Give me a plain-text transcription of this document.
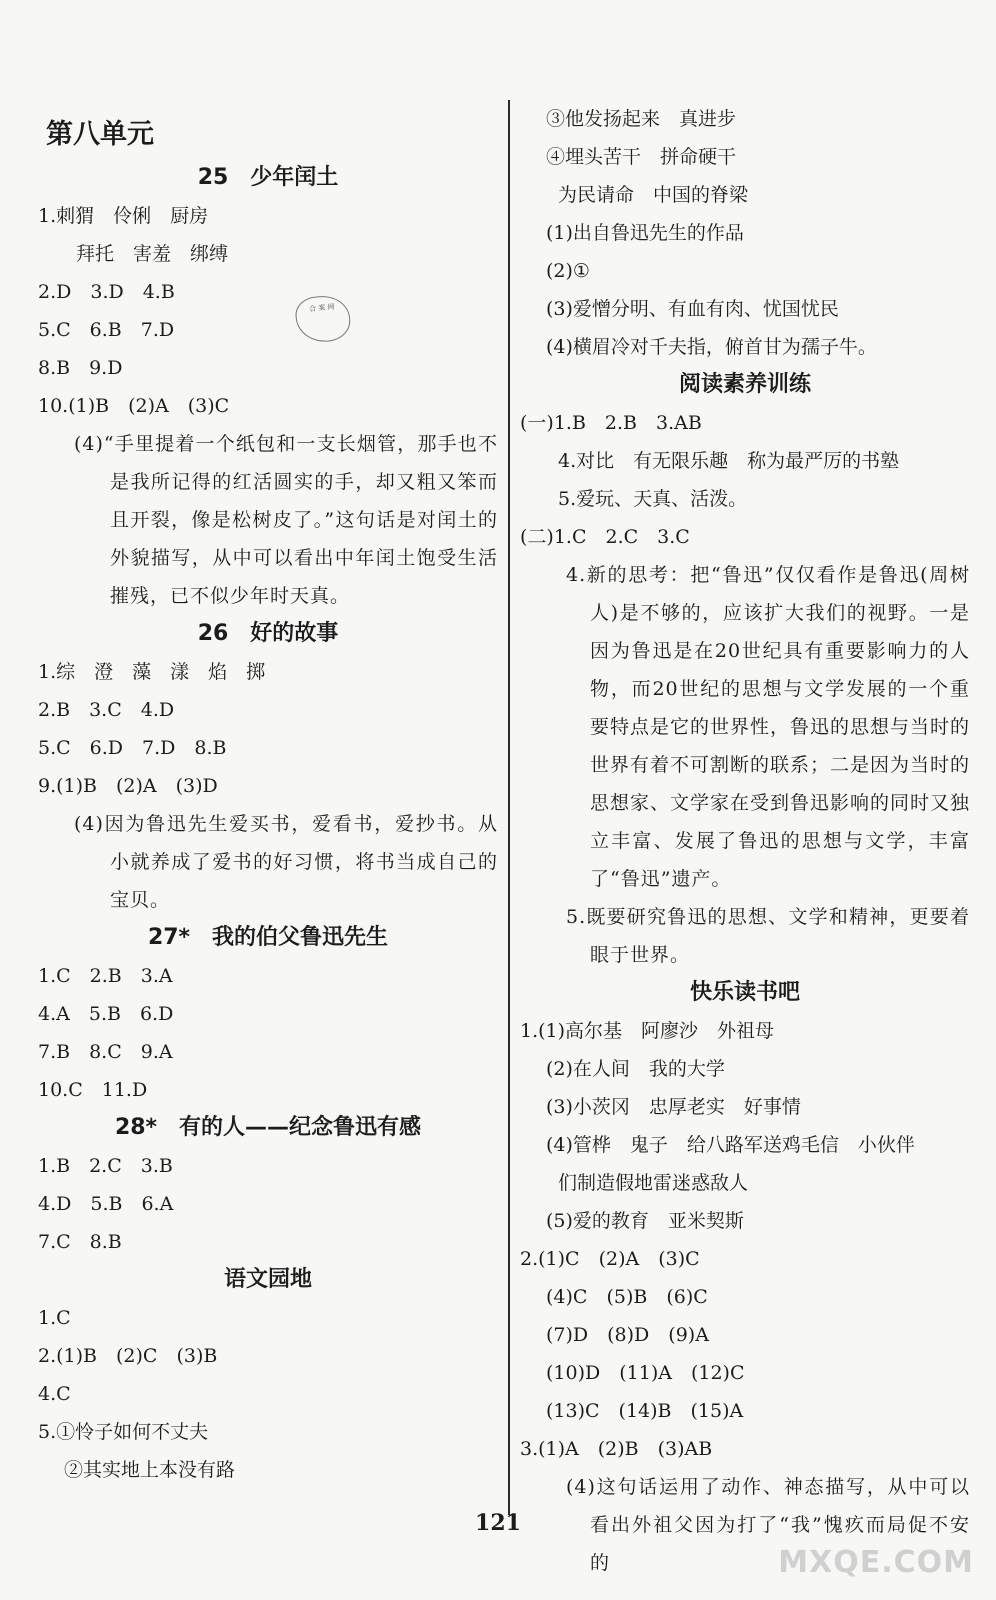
第八单元
25　少年闰土
1.刺猬　伶俐　厨房
拜托　害羞　绑缚
2.D　3.D　4.B
5.C　6.B　7.D
8.B　9.D
10.(1)B　(2)A　(3)C
(4)“手里提着一个纸包和一支长烟管，那手也不是我所记得的红活圆实的手，却又粗又笨而且开裂，像是松树皮了。”这句话是对闰土的外貌描写，从中可以看出中年闰土饱受生活摧残，已不似少年时天真。
26　好的故事
1.综　澄　藻　漾　焰　掷
2.B　3.C　4.D
5.C　6.D　7.D　8.B
9.(1)B　(2)A　(3)D
(4)因为鲁迅先生爱买书，爱看书，爱抄书。从小就养成了爱书的好习惯，将书当成自己的宝贝。
27*　我的伯父鲁迅先生
1.C　2.B　3.A
4.A　5.B　6.D
7.B　8.C　9.A
10.C　11.D
28*　有的人——纪念鲁迅有感
1.B　2.C　3.B
4.D　5.B　6.A
7.C　8.B
语文园地
1.C
2.(1)B　(2)C　(3)B
4.C
5.①怜子如何不丈夫
②其实地上本没有路
合 案 网
③他发扬起来　真进步
④埋头苦干　拼命硬干
为民请命　中国的脊梁
(1)出自鲁迅先生的作品
(2)①
(3)爱憎分明、有血有肉、忧国忧民
(4)横眉冷对千夫指，俯首甘为孺子牛。
阅读素养训练
(一)1.B　2.B　3.AB
4.对比　有无限乐趣　称为最严厉的书塾
5.爱玩、天真、活泼。
(二)1.C　2.C　3.C
4.新的思考：把“鲁迅”仅仅看作是鲁迅(周树人)是不够的，应该扩大我们的视野。一是因为鲁迅是在20世纪具有重要影响力的人物，而20世纪的思想与文学发展的一个重要特点是它的世界性，鲁迅的思想与当时的世界有着不可割断的联系；二是因为当时的思想家、文学家在受到鲁迅影响的同时又独立丰富、发展了鲁迅的思想与文学，丰富了“鲁迅”遗产。
5.既要研究鲁迅的思想、文学和精神，更要着眼于世界。
快乐读书吧
1.(1)高尔基　阿廖沙　外祖母
(2)在人间　我的大学
(3)小茨冈　忠厚老实　好事情
(4)管桦　鬼子　给八路军送鸡毛信　小伙伴
们制造假地雷迷惑敌人
(5)爱的教育　亚米契斯
2.(1)C　(2)A　(3)C
(4)C　(5)B　(6)C
(7)D　(8)D　(9)A
(10)D　(11)A　(12)C
(13)C　(14)B　(15)A
3.(1)A　(2)B　(3)AB
(4)这句话运用了动作、神态描写，从中可以看出外祖父因为打了“我”愧疚而局促不安的
121
MXQE.COM
